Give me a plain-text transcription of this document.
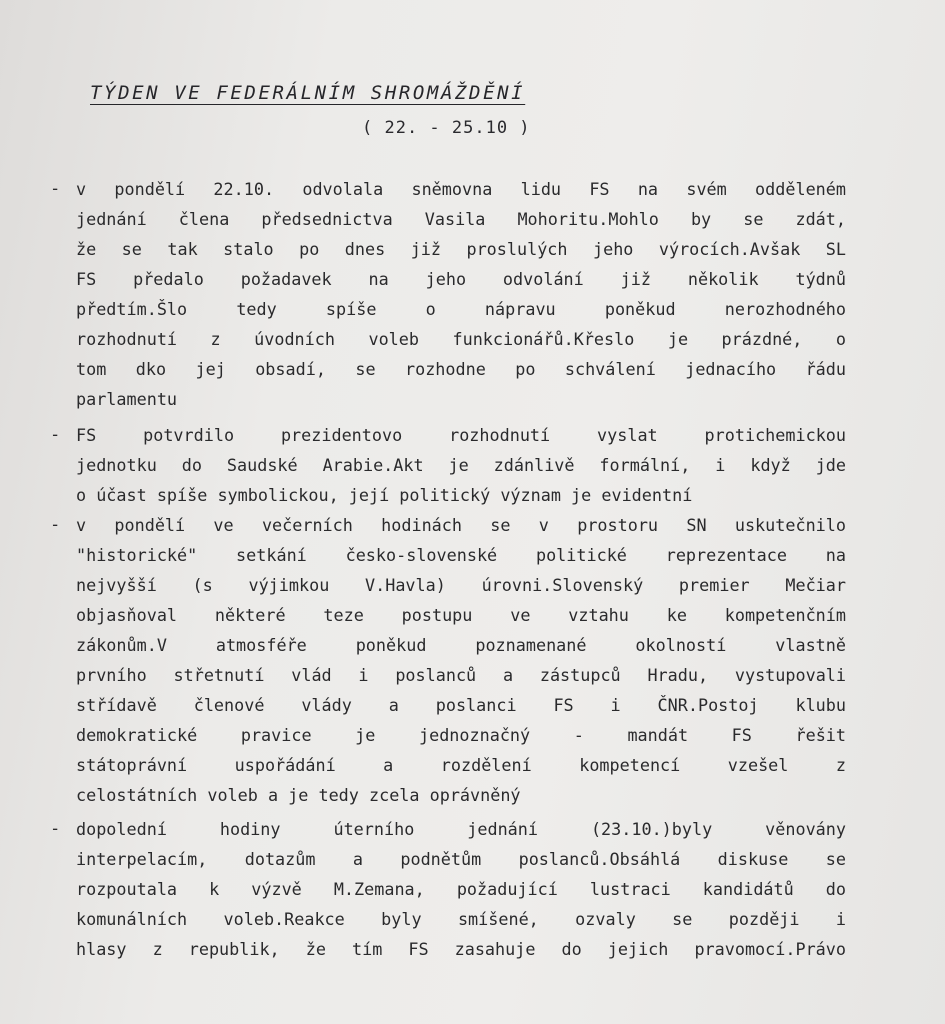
TÝDEN VE FEDERÁLNÍM SHROMÁŽDĚNÍ
( 22. - 25.10 )
- v pondělí 22.10. odvolala sněmovna lidu FS na svém odděleném
jednání člena předsednictva Vasila Mohoritu.Mohlo by se zdát,
že se tak stalo po dnes již proslulých jeho výrocích.Avšak SL
FS předalo požadavek na jeho odvolání již několik týdnů
předtím.Šlo tedy spíše o nápravu poněkud nerozhodného
rozhodnutí z úvodních voleb funkcionářů.Křeslo je prázdné, o
tom dko jej obsadí, se rozhodne po schválení jednacího řádu
parlamentu
- FS potvrdilo prezidentovo rozhodnutí vyslat protichemickou
jednotku do Saudské Arabie.Akt je zdánlivě formální, i když jde
o účast spíše symbolickou, její politický význam je evidentní
- v pondělí ve večerních hodinách se v prostoru SN uskutečnilo
"historické" setkání česko-slovenské politické reprezentace na
nejvyšší (s výjimkou V.Havla) úrovni.Slovenský premier Mečiar
objasňoval některé teze postupu ve vztahu ke kompetenčním
zákonům.V atmosféře poněkud poznamenané okolností vlastně
prvního střetnutí vlád i poslanců a zástupců Hradu, vystupovali
střídavě členové vlády a poslanci FS i ČNR.Postoj klubu
demokratické pravice je jednoznačný - mandát FS řešit
státoprávní uspořádání a rozdělení kompetencí vzešel z
celostátních voleb a je tedy zcela oprávněný
- dopolední hodiny úterního jednání (23.10.)byly věnovány
interpelacím, dotazům a podnětům poslanců.Obsáhlá diskuse se
rozpoutala k výzvě M.Zemana, požadující lustraci kandidátů do
komunálních voleb.Reakce byly smíšené, ozvaly se později i
hlasy z republik, že tím FS zasahuje do jejich pravomocí.Právo
